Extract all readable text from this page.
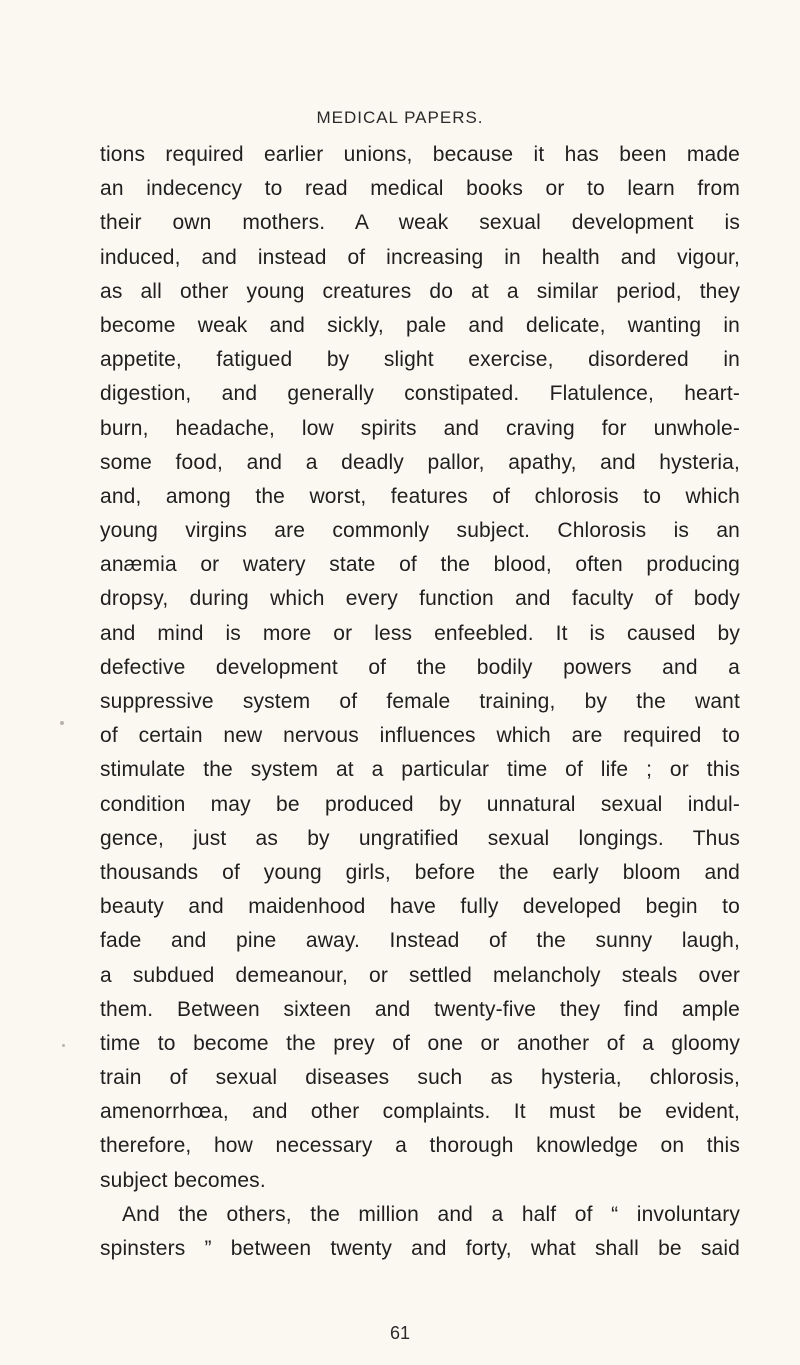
MEDICAL PAPERS.
tions required earlier unions, because it has been made
an indecency to read medical books or to learn from
their own mothers. A weak sexual development is
induced, and instead of increasing in health and vigour,
as all other young creatures do at a similar period, they
become weak and sickly, pale and delicate, wanting in
appetite, fatigued by slight exercise, disordered in
digestion, and generally constipated. Flatulence, heart-
burn, headache, low spirits and craving for unwhole-
some food, and a deadly pallor, apathy, and hysteria,
and, among the worst, features of chlorosis to which
young virgins are commonly subject. Chlorosis is an
anæmia or watery state of the blood, often producing
dropsy, during which every function and faculty of body
and mind is more or less enfeebled. It is caused by
defective development of the bodily powers and a
suppressive system of female training, by the want
of certain new nervous influences which are required to
stimulate the system at a particular time of life ; or this
condition may be produced by unnatural sexual indul-
gence, just as by ungratified sexual longings. Thus
thousands of young girls, before the early bloom and
beauty and maidenhood have fully developed begin to
fade and pine away. Instead of the sunny laugh,
a subdued demeanour, or settled melancholy steals over
them. Between sixteen and twenty-five they find ample
time to become the prey of one or another of a gloomy
train of sexual diseases such as hysteria, chlorosis,
amenorrhœa, and other complaints. It must be evident,
therefore, how necessary a thorough knowledge on this
subject becomes.
And the others, the million and a half of “ involuntary
spinsters ” between twenty and forty, what shall be said
61
